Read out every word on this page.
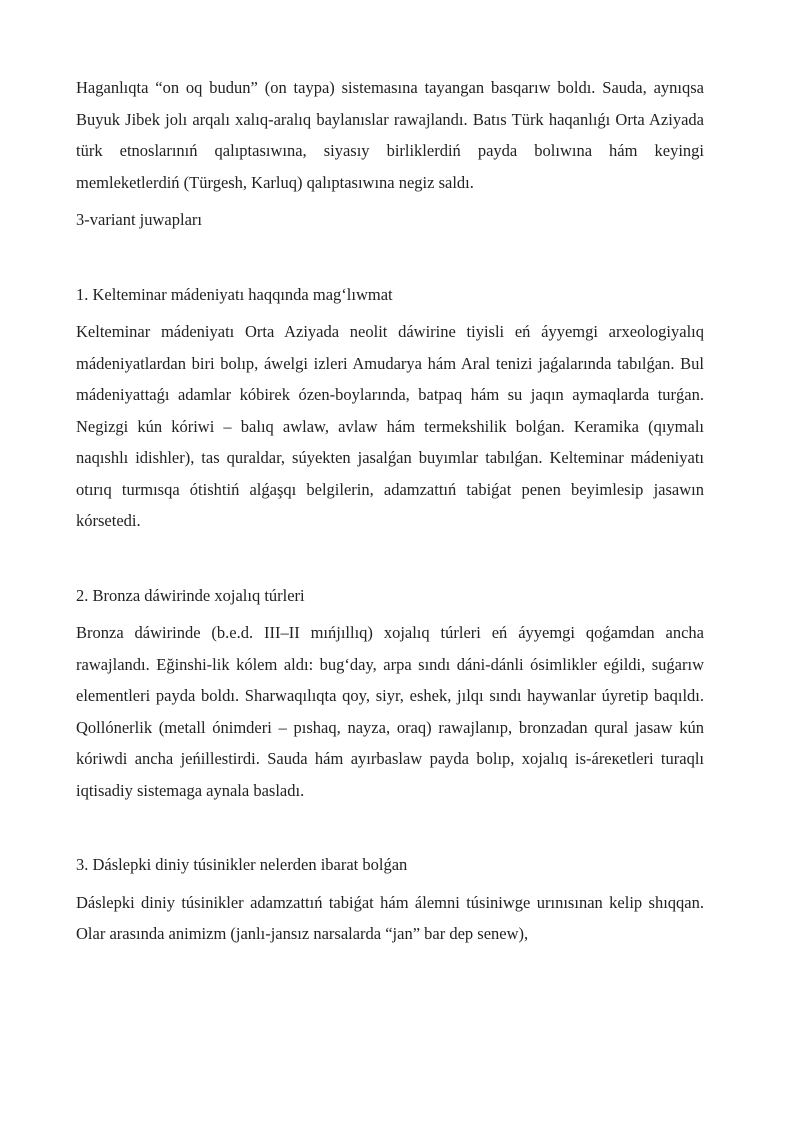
Haganlıqta “on oq budun” (on taypa) sistemasına tayangan basqarıw boldı. Sauda, aynıqsa Buyuk Jibek jolı arqalı xalıq-aralıq baylanıslar rawajlandı. Batıs Türk haqanlıǵı Orta Aziyada türk etnoslarınıń qalıptasıwına, siyasıy birliklerdiń payda bolıwına hám keyingi memleketlerdiń (Türgesh, Karluq) qalıptasıwına negiz saldı.

3-variant juwapları

1. Kelteminar mádeniyatı haqqında mag‘lıwmat

Kelteminar mádeniyatı Orta Aziyada neolit dáwirine tiyisli eń áyyemgi arxeologiyalıq mádeniyatlardan biri bolıp, áwelgi izleri Amudarya hám Aral tenizi jaǵalarında tabılǵan. Bul mádeniyattaǵı adamlar kóbirek ózen-boylarında, batpaq hám su jaqın aymaqlarda turǵan. Negizgi kún kóriwi – balıq awlaw, avlaw hám termekshilik bolǵan. Keramika (qıymalı naqıshlı idishler), tas quraldar, súyekten jasalǵan buyımlar tabılǵan. Kelteminar mádeniyatı otırıq turmısqa ótishtiń alǵaşqı belgilerin, adamzattıń tabiǵat penen beyimlesip jasawın kórsetedi.

2. Bronza dáwirinde xojalıq túrleri

Bronza dáwirinde (b.e.d. III–II mıńjıllıq) xojalıq túrleri eń áyyemgi qoǵamdan ancha rawajlandı. Eğinshi-lik kólem aldı: bug‘day, arpa sındı dáni-dánli ósimlikler eǵildi, suǵarıw elementleri payda boldı. Sharwaqılıqta qoy, siyr, eshek, jılqı sındı haywanlar úyretip baqıldı. Qollónerlik (metall ónimderi – pıshaq, nayza, oraq) rawajlanıp, bronzadan qural jasaw kún kóriwdi ancha jeńillestirdi. Sauda hám ayırbaslaw payda bolıp, xojalıq is-áreкetleri turaqlı iqtisadiy sistemaga aynala basladı.

3. Dáslepki diniy túsinikler nelerden ibarat bolǵan

Dáslepki diniy túsinikler adamzattıń tabiǵat hám álemni túsiniwge urınısınan kelip shıqqan. Olar arasında animizm (janlı-jansız narsalarda “jan” bar dep senew),
